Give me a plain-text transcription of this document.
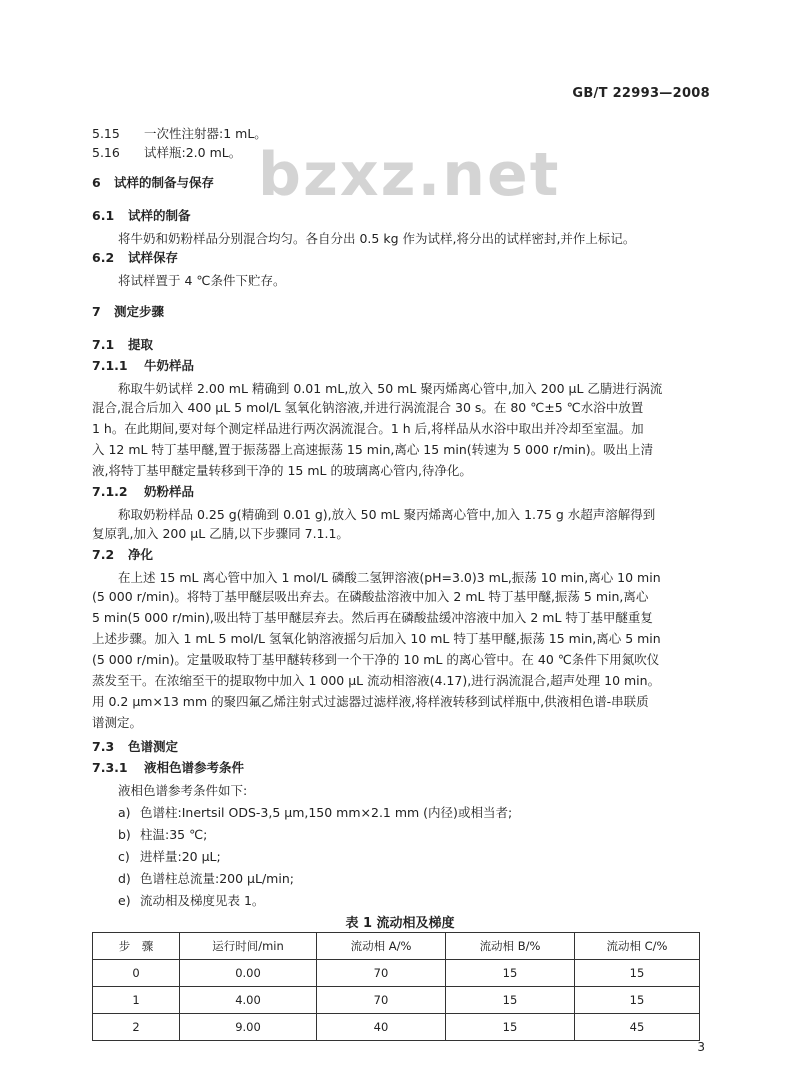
GB/T 22993—2008
bzxz.net
5.15 一次性注射器:1 mL。
5.16 试样瓶:2.0 mL。
6 试样的制备与保存
6.1 试样的制备
将牛奶和奶粉样品分别混合均匀。各自分出 0.5 kg 作为试样,将分出的试样密封,并作上标记。
6.2 试样保存
将试样置于 4 ℃条件下贮存。
7 测定步骤
7.1 提取
7.1.1 牛奶样品
称取牛奶试样 2.00 mL 精确到 0.01 mL,放入 50 mL 聚丙烯离心管中,加入 200 μL 乙腈进行涡流
混合,混合后加入 400 μL 5 mol/L 氢氧化钠溶液,并进行涡流混合 30 s。在 80 ℃±5 ℃水浴中放置
1 h。在此期间,要对每个测定样品进行两次涡流混合。1 h 后,将样品从水浴中取出并冷却至室温。加
入 12 mL 特丁基甲醚,置于振荡器上高速振荡 15 min,离心 15 min(转速为 5 000 r/min)。吸出上清
液,将特丁基甲醚定量转移到干净的 15 mL 的玻璃离心管内,待净化。
7.1.2 奶粉样品
称取奶粉样品 0.25 g(精确到 0.01 g),放入 50 mL 聚丙烯离心管中,加入 1.75 g 水超声溶解得到
复原乳,加入 200 μL 乙腈,以下步骤同 7.1.1。
7.2 净化
在上述 15 mL 离心管中加入 1 mol/L 磷酸二氢钾溶液(pH=3.0)3 mL,振荡 10 min,离心 10 min
(5 000 r/min)。将特丁基甲醚层吸出弃去。在磷酸盐溶液中加入 2 mL 特丁基甲醚,振荡 5 min,离心
5 min(5 000 r/min),吸出特丁基甲醚层弃去。然后再在磷酸盐缓冲溶液中加入 2 mL 特丁基甲醚重复
上述步骤。加入 1 mL 5 mol/L 氢氧化钠溶液摇匀后加入 10 mL 特丁基甲醚,振荡 15 min,离心 5 min
(5 000 r/min)。定量吸取特丁基甲醚转移到一个干净的 10 mL 的离心管中。在 40 ℃条件下用氮吹仪
蒸发至干。在浓缩至干的提取物中加入 1 000 μL 流动相溶液(4.17),进行涡流混合,超声处理 10 min。
用 0.2 μm×13 mm 的聚四氟乙烯注射式过滤器过滤样液,将样液转移到试样瓶中,供液相色谱-串联质
谱测定。
7.3 色谱测定
7.3.1 液相色谱参考条件
液相色谱参考条件如下:
a) 色谱柱:Inertsil ODS-3,5 μm,150 mm×2.1 mm (内径)或相当者;
b) 柱温:35 ℃;
c) 进样量:20 μL;
d) 色谱柱总流量:200 μL/min;
e) 流动相及梯度见表 1。
表 1 流动相及梯度
步　骤	运行时间/min	流动相 A/%	流动相 B/%	流动相 C/%
0	0.00	70	15	15
1	4.00	70	15	15
2	9.00	40	15	45
3
